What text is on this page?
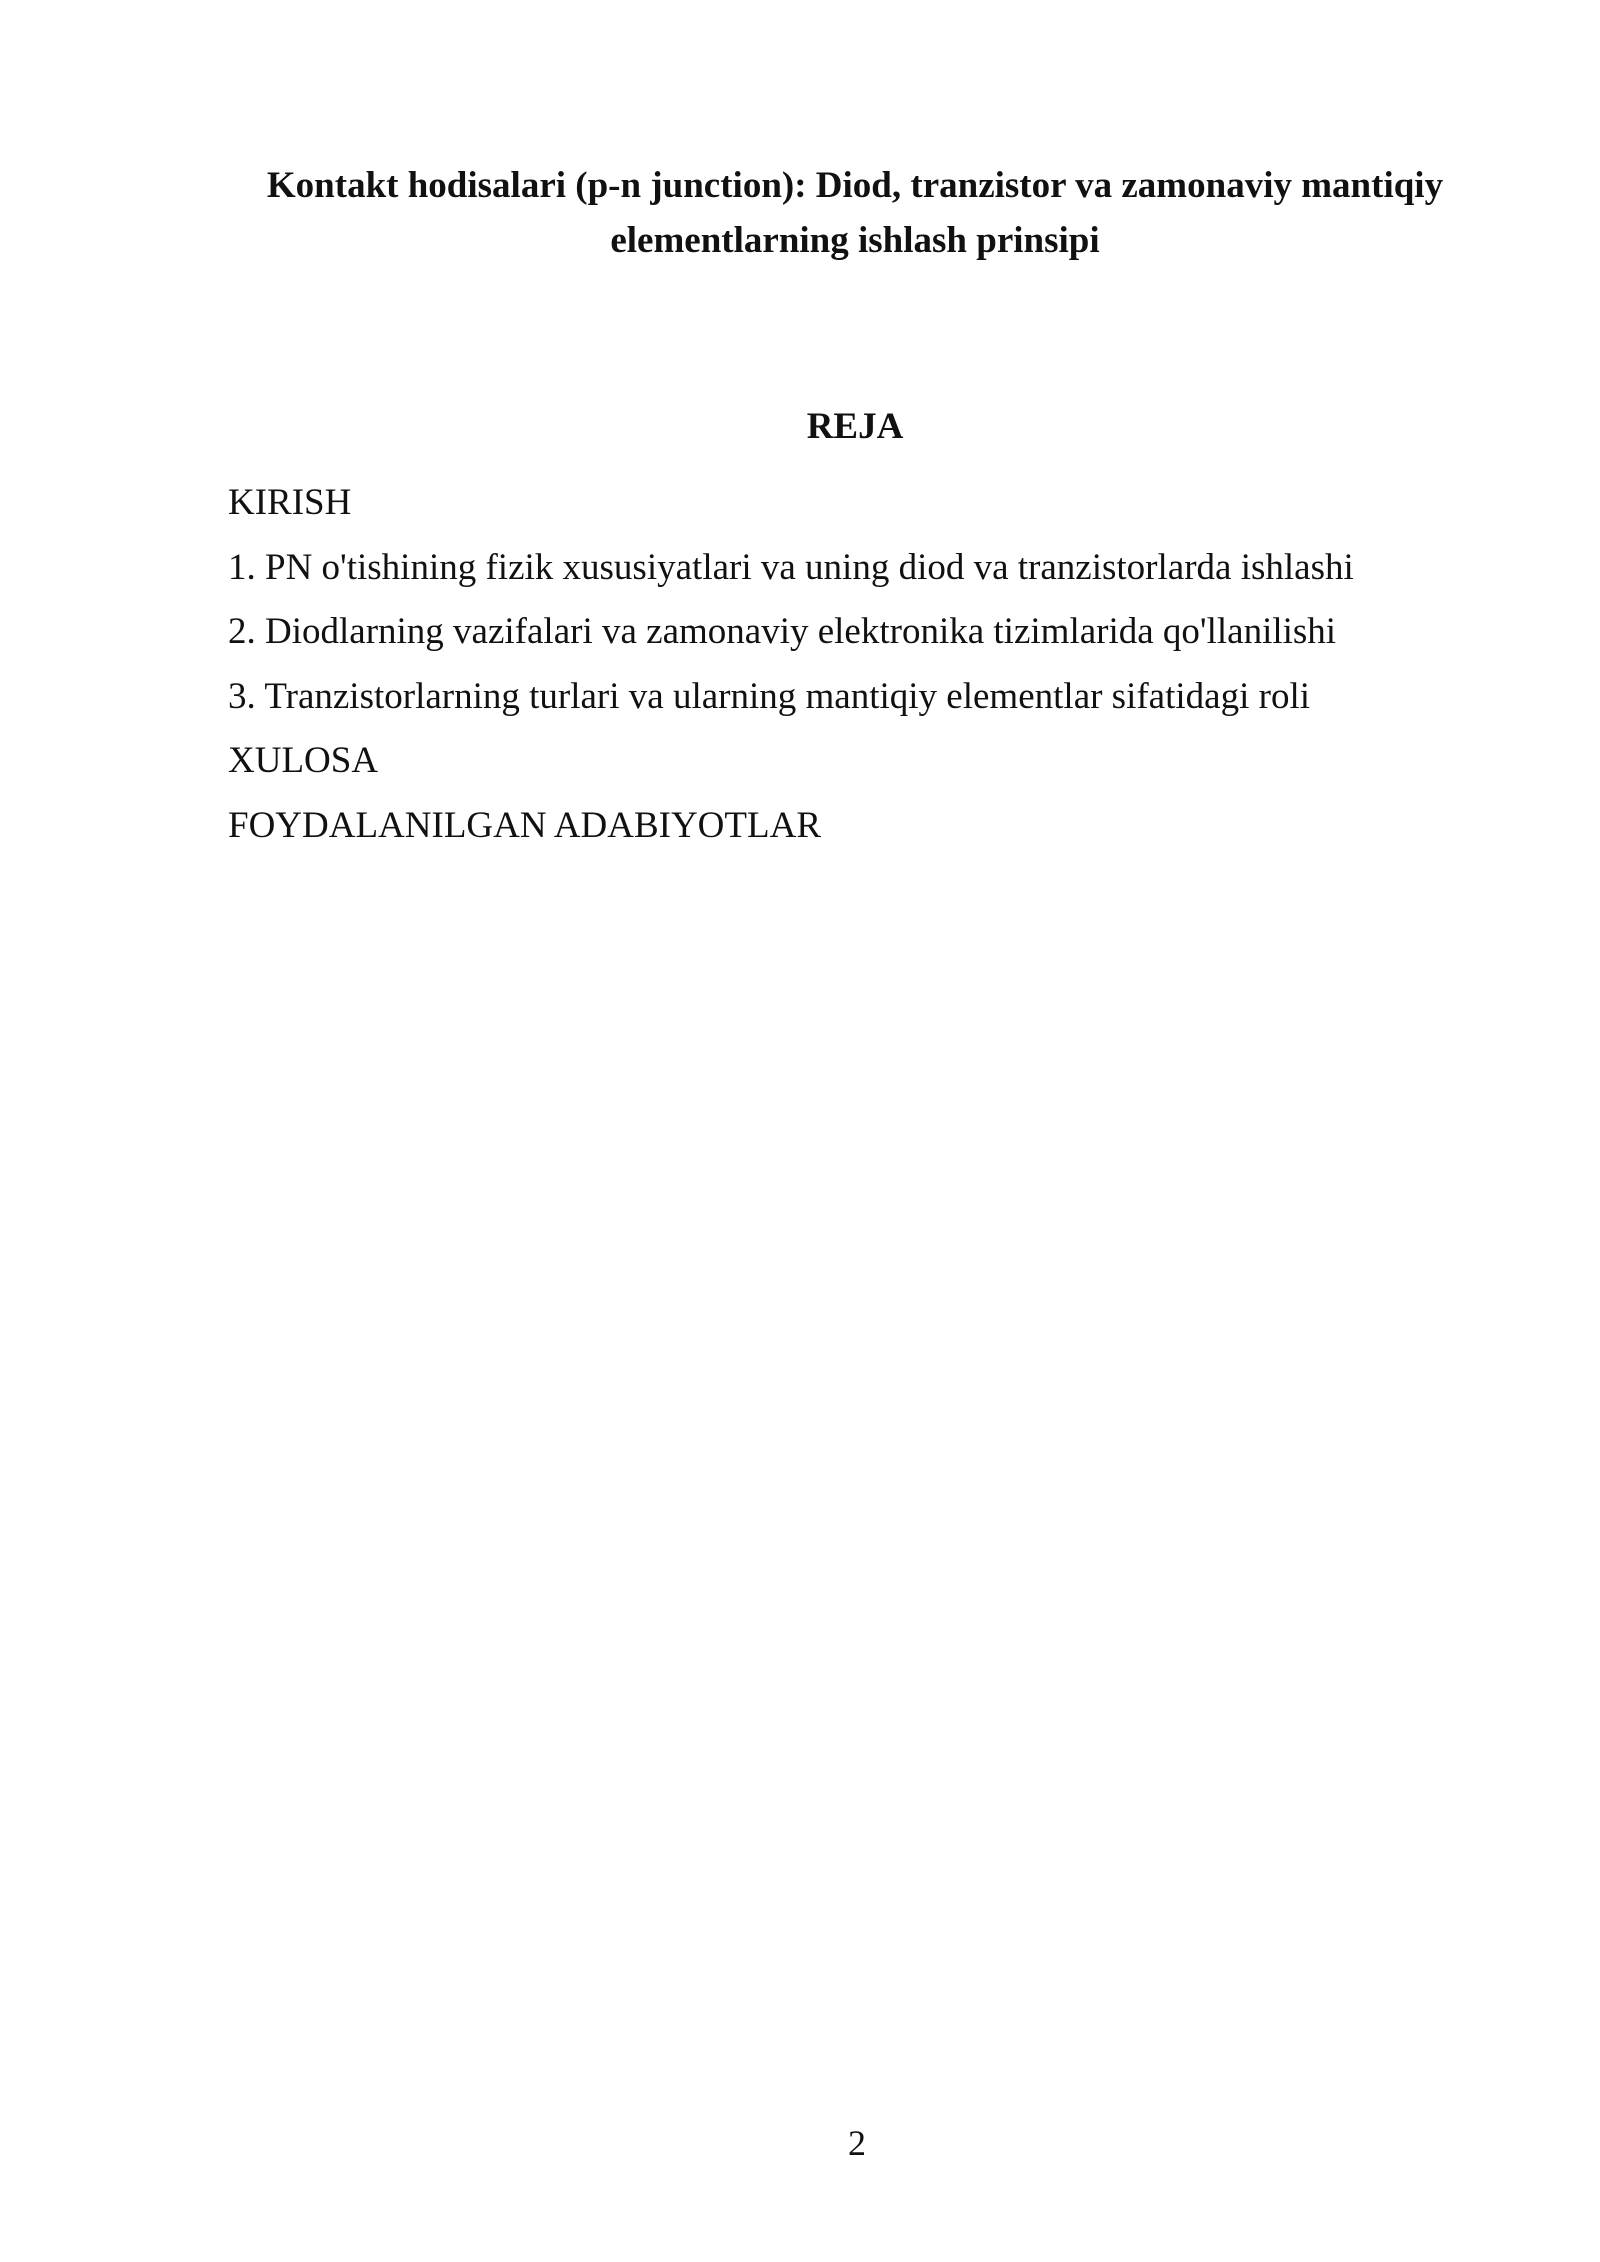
Kontakt hodisalari (p-n junction): Diod, tranzistor va zamonaviy mantiqiy
elementlarning ishlash prinsipi
REJA
KIRISH
1. PN o'tishining fizik xususiyatlari va uning diod va tranzistorlarda ishlashi
2. Diodlarning vazifalari va zamonaviy elektronika tizimlarida qo'llanilishi
3. Tranzistorlarning turlari va ularning mantiqiy elementlar sifatidagi roli
XULOSA
FOYDALANILGAN ADABIYOTLAR
2
